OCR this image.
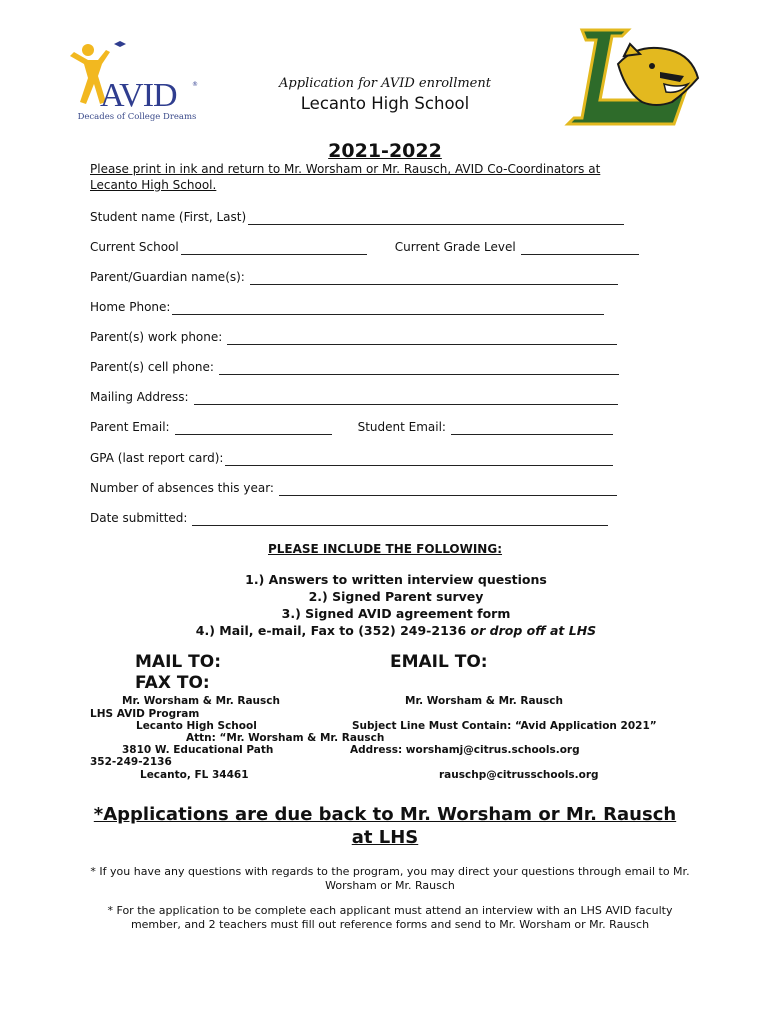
AVID	®
Decades of College Dreams
Application for AVID enrollment
Lecanto High School
2021-2022
Please print in ink and return to Mr. Worsham or Mr. Rausch, AVID Co-Coordinators at Lecanto High School.
Student name (First, Last)
Current School	Current Grade Level
Parent/Guardian name(s):
Home Phone:
Parent(s) work phone:
Parent(s) cell phone:
Mailing Address:
Parent Email:	Student Email:
GPA (last report card):
Number of absences this year:
Date submitted:
PLEASE INCLUDE THE FOLLOWING:
1.) Answers to written interview questions
2.) Signed Parent survey
3.) Signed AVID agreement form
4.) Mail, e-mail, Fax to (352) 249-2136 or drop off at LHS
MAIL TO:
FAX TO:
EMAIL TO:
Mr. Worsham & Mr. Rausch
LHS AVID Program
Lecanto High School
Attn: “Mr. Worsham & Mr. Rausch
3810 W. Educational Path
352-249-2136
Lecanto, FL 34461
Mr. Worsham & Mr. Rausch
Subject Line Must Contain: “Avid Application 2021”
Address: worshamj@citrus.schools.org
rauschp@citrusschools.org
*Applications are due back to Mr. Worsham or Mr. Rausch
at LHS
* If you have any questions with regards to the program, you may direct your questions through email to Mr. Worsham or Mr. Rausch
* For the application to be complete each applicant must attend an interview with an LHS AVID faculty member, and 2 teachers must fill out reference forms and send to Mr. Worsham or Mr. Rausch
